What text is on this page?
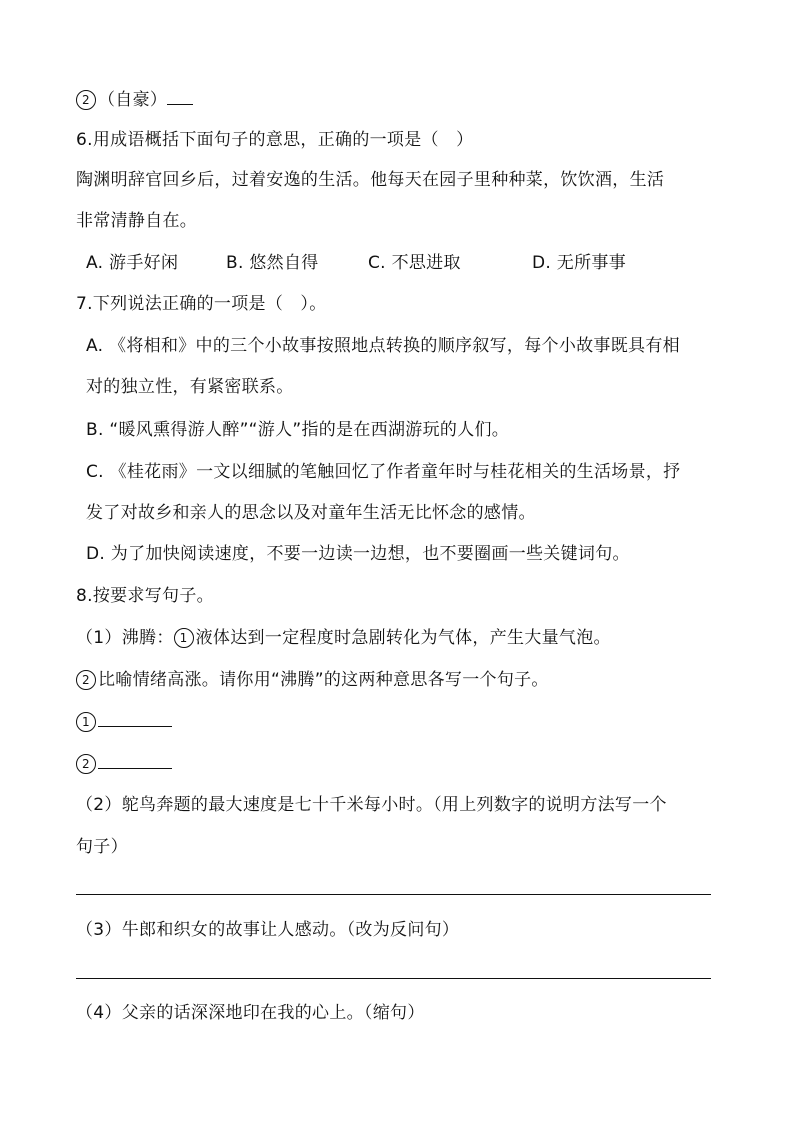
2 （自豪）
6.用成语概括下面句子的意思，正确的一项是（　）
陶渊明辞官回乡后，过着安逸的生活。他每天在园子里种种菜，饮饮酒，生活
非常清静自在。
A. 游手好闲	B. 悠然自得	C. 不思进取	D. 无所事事
7.下列说法正确的一项是（　）。
A. 《将相和》中的三个小故事按照地点转换的顺序叙写，每个小故事既具有相
对的独立性，有紧密联系。
B. “暖风熏得游人醉”“游人”指的是在西湖游玩的人们。
C. 《桂花雨》一文以细腻的笔触回忆了作者童年时与桂花相关的生活场景，抒
发了对故乡和亲人的思念以及对童年生活无比怀念的感情。
D. 为了加快阅读速度，不要一边读一边想，也不要圈画一些关键词句。
8.按要求写句子。
（1）沸腾： 1 液体达到一定程度时急剧转化为气体，产生大量气泡。
2 比喻情绪高涨。请你用“沸腾”的这两种意思各写一个句子。
1
2
（2）鸵鸟奔题的最大速度是七十千米每小时。（用上列数字的说明方法写一个
句子）
（3）牛郎和织女的故事让人感动。（改为反问句）
（4）父亲的话深深地印在我的心上。（缩句）
